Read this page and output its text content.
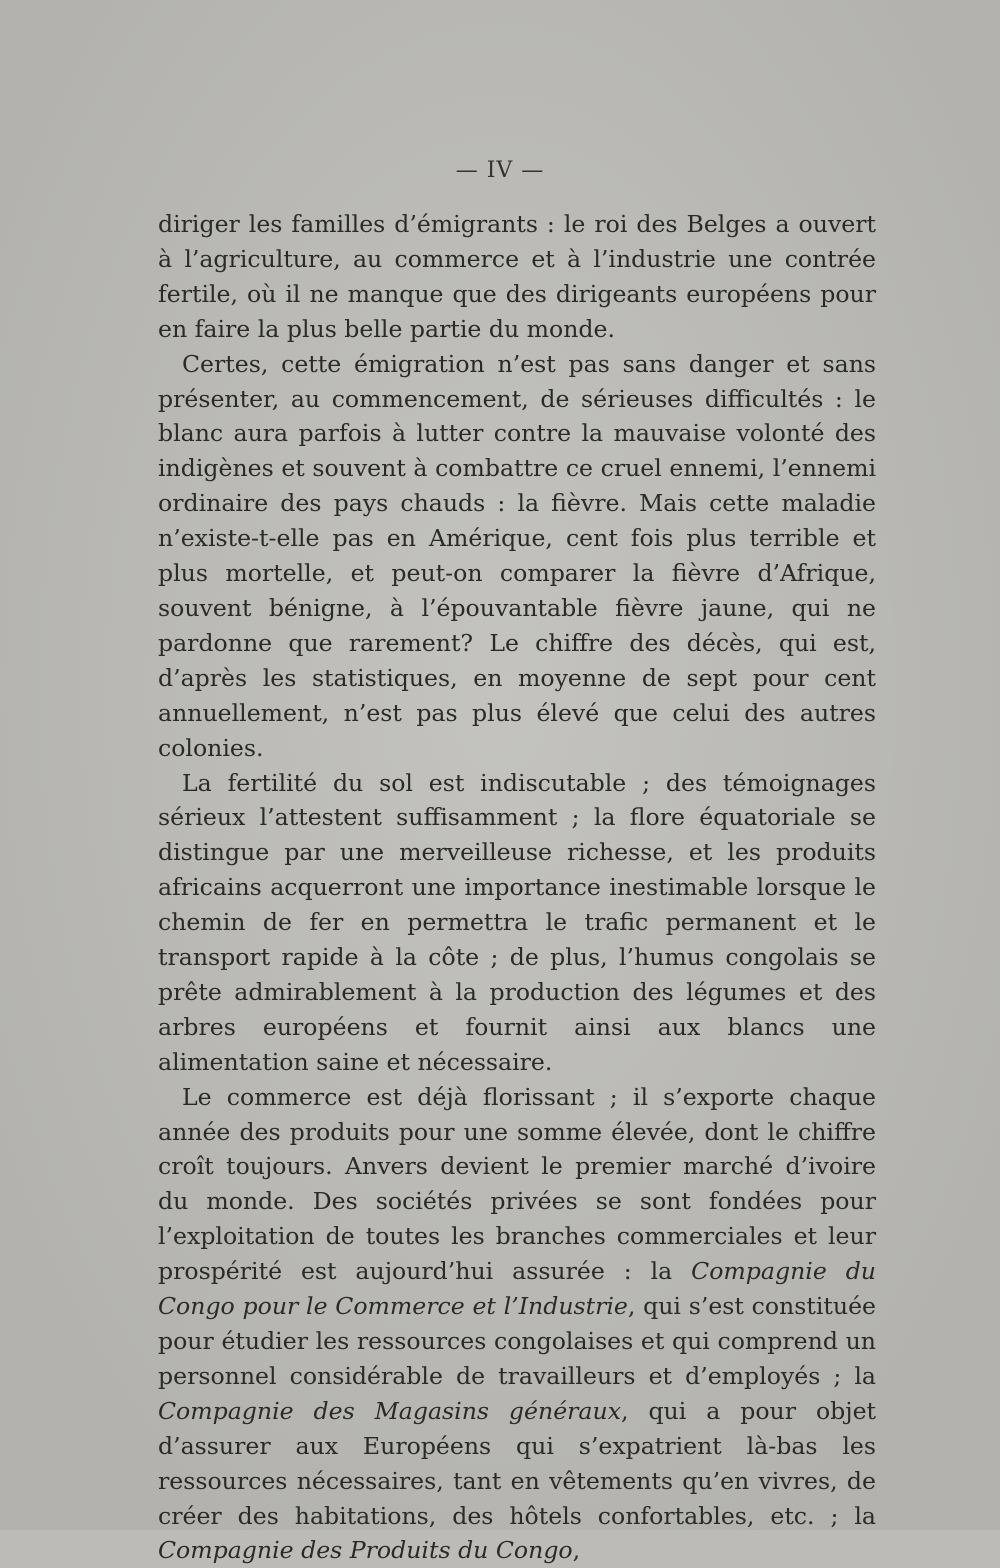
— IV —

diriger les familles d’émigrants : le roi des Belges a ouvert à l’agriculture, au commerce et à l’industrie une contrée fertile, où il ne manque que des dirigeants européens pour en faire la plus belle partie du monde.

Certes, cette émigration n’est pas sans danger et sans présenter, au commencement, de sérieuses difficultés : le blanc aura parfois à lutter contre la mauvaise volonté des indigènes et souvent à combattre ce cruel ennemi, l’ennemi ordinaire des pays chauds : la fièvre. Mais cette maladie n’existe-t-elle pas en Amérique, cent fois plus terrible et plus mortelle, et peut-on comparer la fièvre d’Afrique, souvent bénigne, à l’épouvantable fièvre jaune, qui ne pardonne que rarement? Le chiffre des décès, qui est, d’après les statistiques, en moyenne de sept pour cent annuellement, n’est pas plus élevé que celui des autres colonies.

La fertilité du sol est indiscutable ; des témoignages sérieux l’attestent suffisamment ; la flore équatoriale se distingue par une merveilleuse richesse, et les produits africains acquerront une importance inestimable lorsque le chemin de fer en permettra le trafic permanent et le transport rapide à la côte ; de plus, l’humus congolais se prête admirablement à la production des légumes et des arbres européens et fournit ainsi aux blancs une alimentation saine et nécessaire.

Le commerce est déjà florissant ; il s’exporte chaque année des produits pour une somme élevée, dont le chiffre croît toujours. Anvers devient le premier marché d’ivoire du monde. Des sociétés privées se sont fondées pour l’exploitation de toutes les branches commerciales et leur prospérité est aujourd’hui assurée : la Compagnie du Congo pour le Commerce et l’Industrie, qui s’est constituée pour étudier les ressources congolaises et qui comprend un personnel considérable de travailleurs et d’employés ; la Compagnie des Magasins généraux, qui a pour objet d’assurer aux Européens qui s’expatrient là-bas les ressources nécessaires, tant en vêtements qu’en vivres, de créer des habitations, des hôtels confortables, etc. ; la Compagnie des Produits du Congo,
